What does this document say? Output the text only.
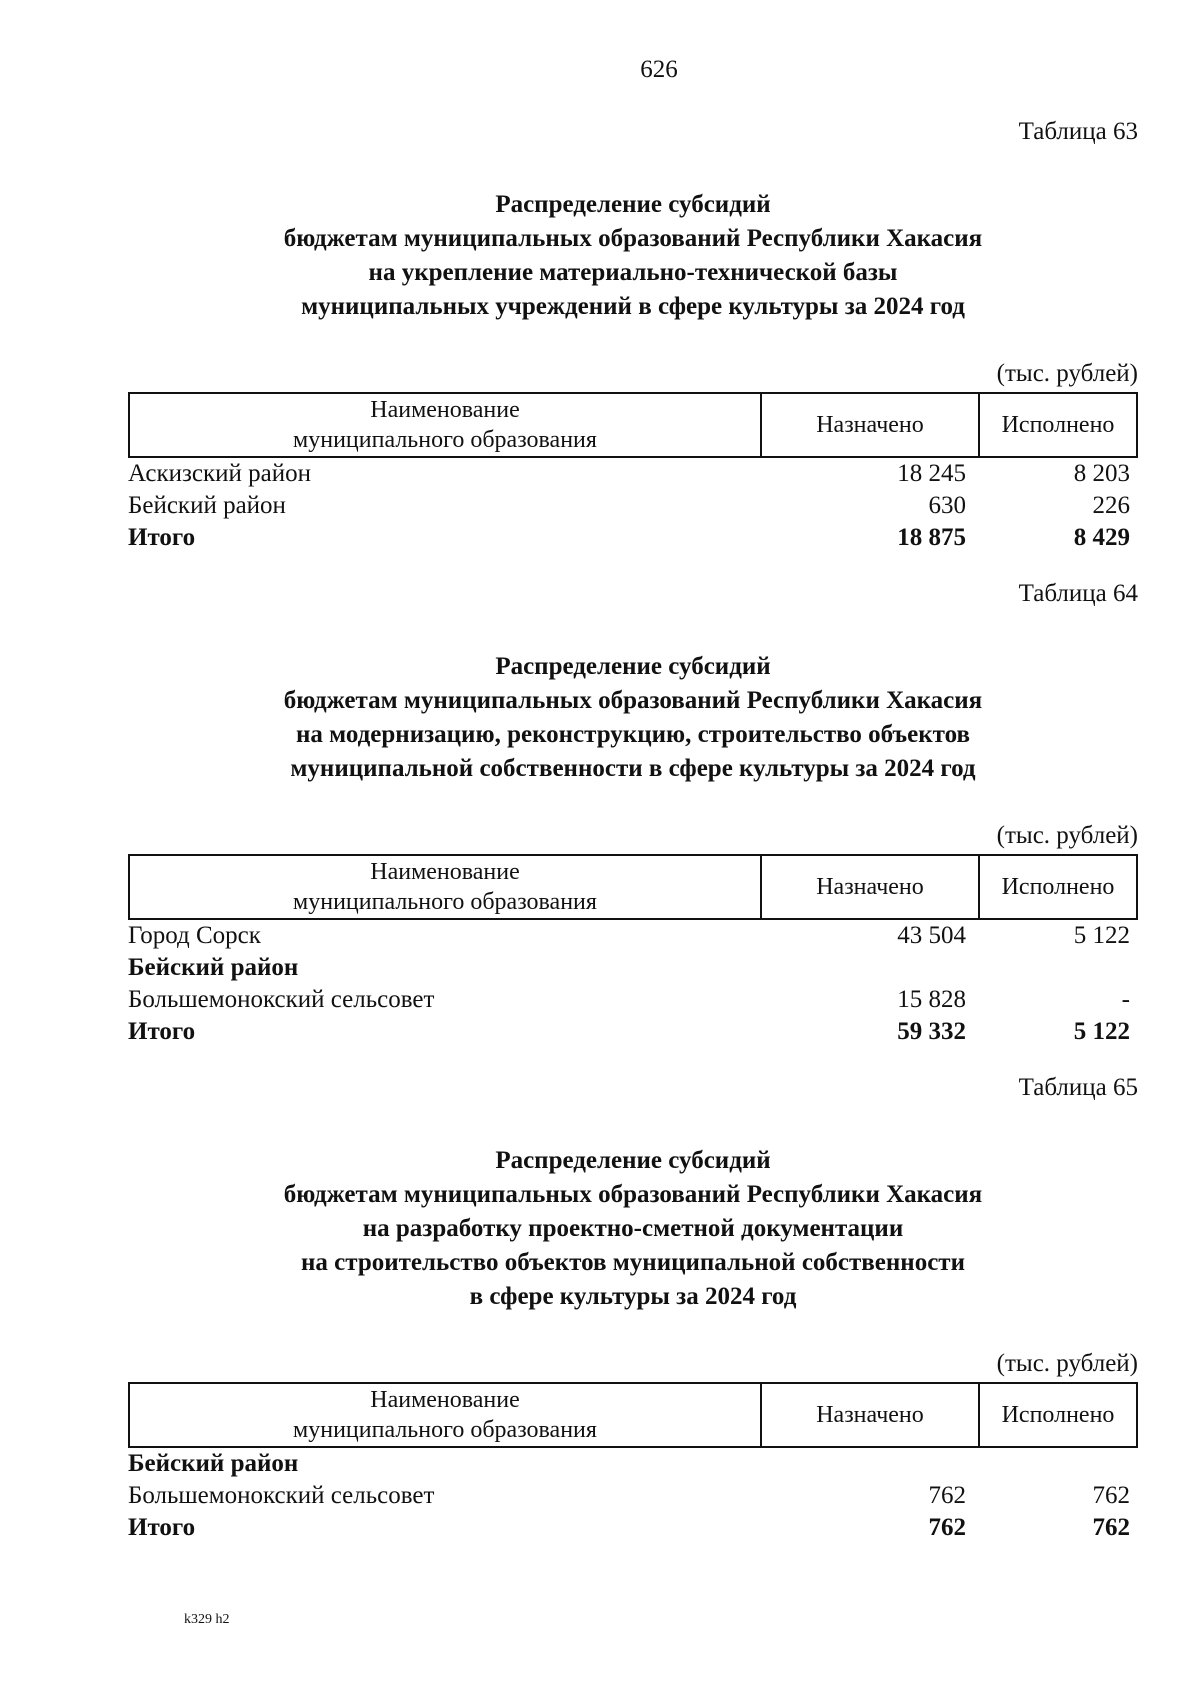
626
Таблица 63
Распределение субсидий
бюджетам муниципальных образований Республики Хакасия
на укрепление материально-технической базы
муниципальных учреждений в сфере культуры за 2024 год
(тыс. рублей)
Наименование
муниципального образования
Назначено	Исполнено
Аскизский район	18 245	8 203
Бейский район	630	226
Итого	18 875	8 429
Таблица 64
Распределение субсидий
бюджетам муниципальных образований Республики Хакасия
на модернизацию, реконструкцию, строительство объектов
муниципальной собственности в сфере культуры за 2024 год
(тыс. рублей)
Наименование
муниципального образования
Назначено	Исполнено
Город Сорск	43 504	5 122
Бейский район
Большемонокский сельсовет	15 828	-
Итого	59 332	5 122
Таблица 65
Распределение субсидий
бюджетам муниципальных образований Республики Хакасия
на разработку проектно-сметной документации
на строительство объектов муниципальной собственности
в сфере культуры за 2024 год
(тыс. рублей)
Наименование
муниципального образования
Назначено	Исполнено
Бейский район
Большемонокский сельсовет	762	762
Итого	762	762
k329 h2
